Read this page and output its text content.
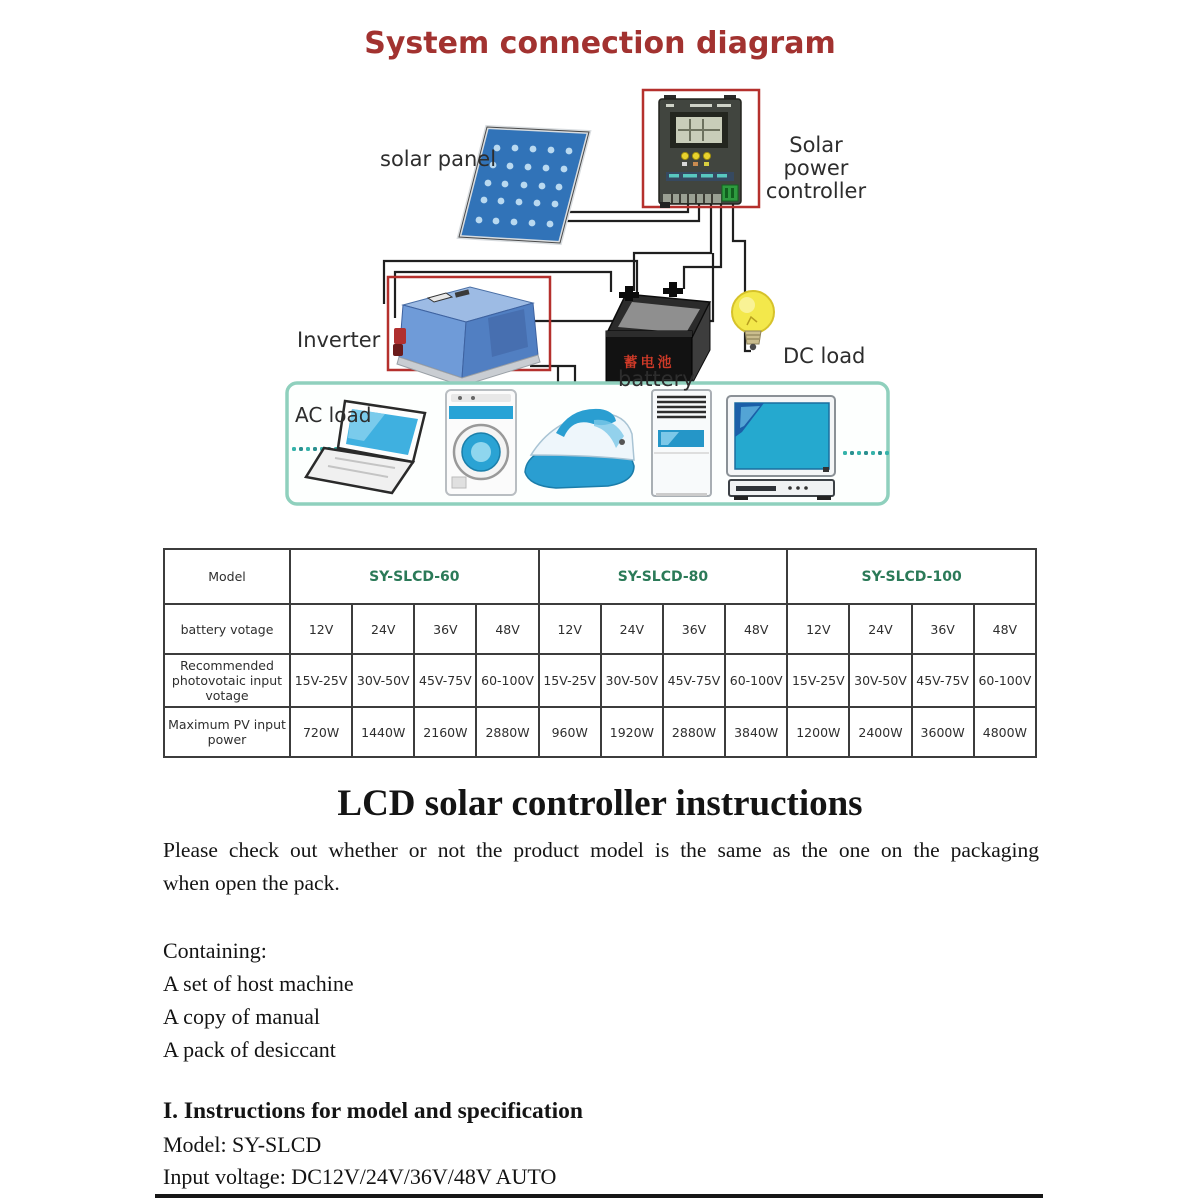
蓄电池
System connection diagram
solar panel
Solar power
controller
Inverter
battery
DC load
AC load
Model	SY-SLCD-60				SY-SLCD-80				SY-SLCD-100			
battery votage	12V	24V	36V	48V	12V	24V	36V	48V	12V	24V	36V	48V
Recommended photovotaic input votage	15V-25V	30V-50V	45V-75V	60-100V	15V-25V	30V-50V	45V-75V	60-100V	15V-25V	30V-50V	45V-75V	60-100V
Maximum PV input power	720W	1440W	2160W	2880W	960W	1920W	2880W	3840W	1200W	2400W	3600W	4800W
LCD solar controller instructions
Please check out whether or not the product model is the same as the one on the packaging
when open the pack.
Containing:
A set of host machine
A copy of manual
A pack of desiccant
I. Instructions for model and specification
Model: SY-SLCD
Input voltage: DC12V/24V/36V/48V AUTO
